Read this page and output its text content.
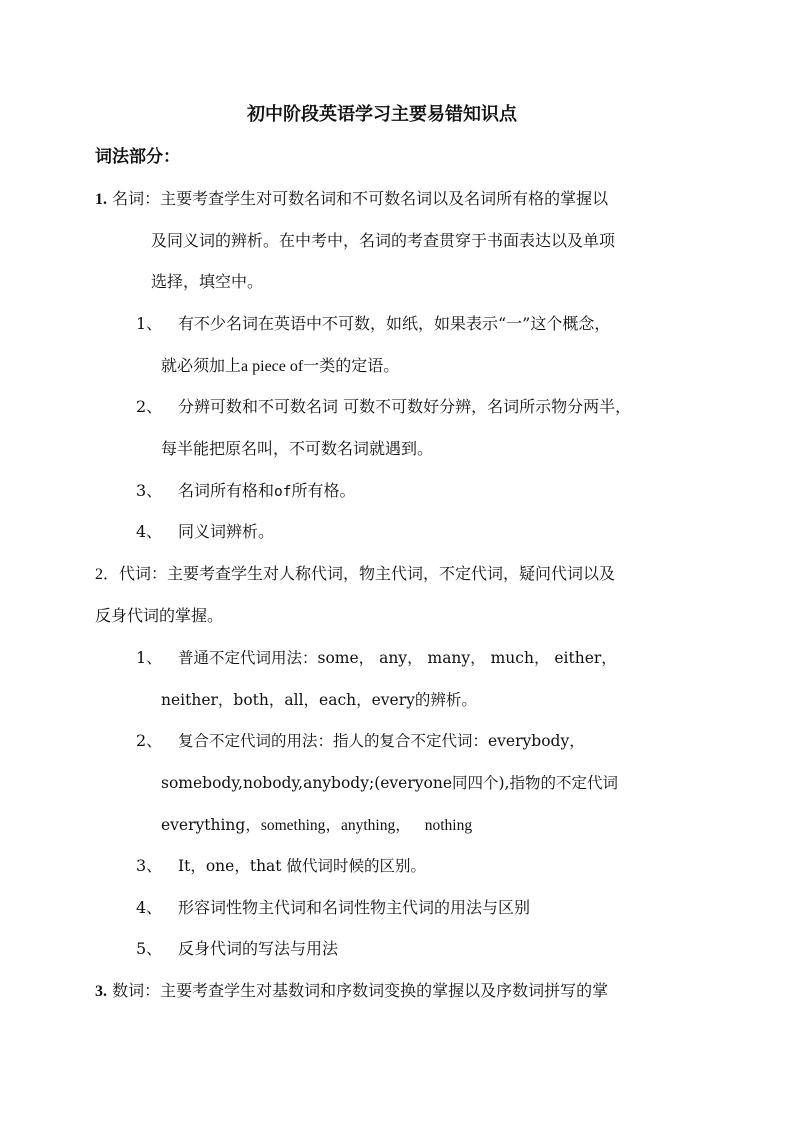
初中阶段英语学习主要易错知识点
词法部分：
1. 名词：主要考查学生对可数名词和不可数名词以及名词所有格的掌握以
及同义词的辨析。在中考中，名词的考查贯穿于书面表达以及单项
选择，填空中。
1、 有不少名词在英语中不可数，如纸，如果表示“一”这个概念，
就必须加上a piece of一类的定语。
2、 分辨可数和不可数名词 可数不可数好分辨，名词所示物分两半，
每半能把原名叫，不可数名词就遇到。
3、 名词所有格和of所有格。
4、 同义词辨析。
2．代词：主要考查学生对人称代词，物主代词，不定代词，疑问代词以及
反身代词的掌握。
1、 普通不定代词用法：some， any， many， much， either，
neither，both，all，each，every的辨析。
2、 复合不定代词的用法：指人的复合不定代词：everybody，
somebody,nobody,anybody;(everyone同四个),指物的不定代词
everything，something，anything， nothing
3、 It，one，that 做代词时候的区别。
4、 形容词性物主代词和名词性物主代词的用法与区别
5、 反身代词的写法与用法
3. 数词：主要考查学生对基数词和序数词变换的掌握以及序数词拼写的掌
